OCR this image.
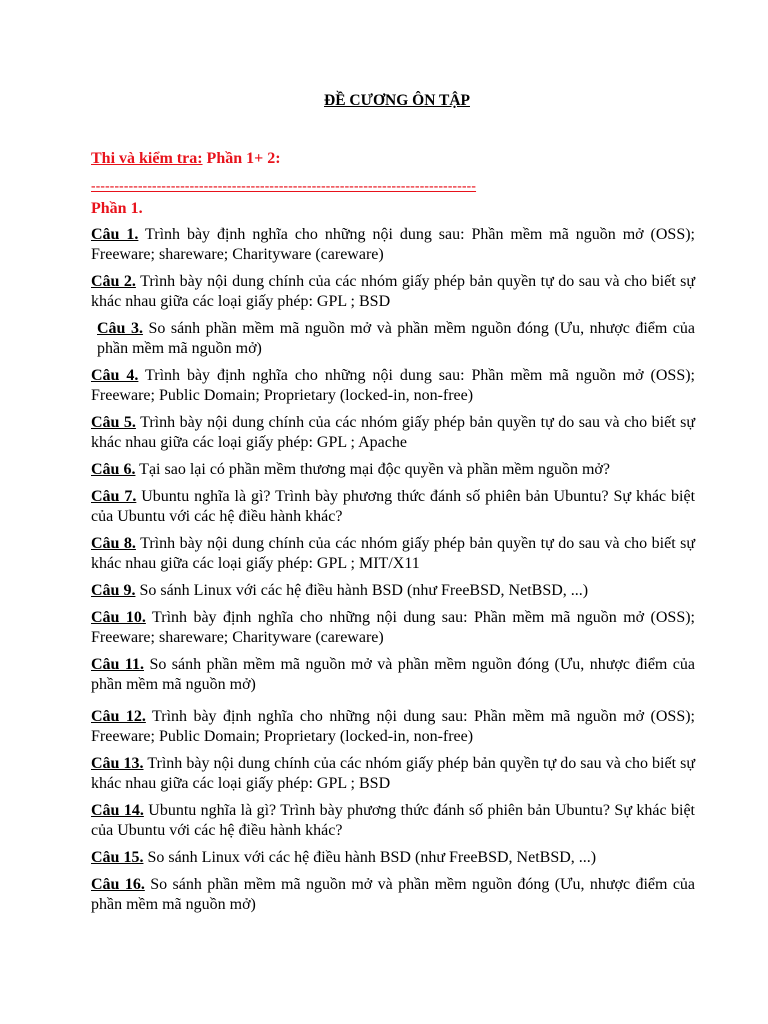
ĐỀ CƯƠNG ÔN TẬP
Thi và kiểm tra: Phần 1+ 2:
----------------------------------------------------------------------------------
Phần 1.

Câu 1. Trình bày định nghĩa cho những nội dung sau: Phần mềm mã nguồn mở (OSS); Freeware; shareware; Charityware (careware)

Câu 2. Trình bày nội dung chính của các nhóm giấy phép bản quyền tự do sau và cho biết sự khác nhau giữa các loại giấy phép: GPL ; BSD

Câu 3. So sánh phần mềm mã nguồn mở và phần mềm nguồn đóng (Ưu, nhược điểm của phần mềm mã nguồn mở)

Câu 4. Trình bày định nghĩa cho những nội dung sau: Phần mềm mã nguồn mở (OSS); Freeware; Public Domain; Proprietary (locked-in, non-free)

Câu 5. Trình bày nội dung chính của các nhóm giấy phép bản quyền tự do sau và cho biết sự khác nhau giữa các loại giấy phép: GPL ; Apache

Câu 6. Tại sao lại có phần mềm thương mại độc quyền và phần mềm nguồn mở?

Câu 7. Ubuntu nghĩa là gì? Trình bày phương thức đánh số phiên bản Ubuntu? Sự khác biệt của Ubuntu với các hệ điều hành khác?

Câu 8. Trình bày nội dung chính của các nhóm giấy phép bản quyền tự do sau và cho biết sự khác nhau giữa các loại giấy phép: GPL ; MIT/X11

Câu 9. So sánh Linux với các hệ điều hành BSD (như FreeBSD, NetBSD, ...)

Câu 10. Trình bày định nghĩa cho những nội dung sau: Phần mềm mã nguồn mở (OSS); Freeware; shareware; Charityware (careware)

Câu 11. So sánh phần mềm mã nguồn mở và phần mềm nguồn đóng (Ưu, nhược điểm của phần mềm mã nguồn mở)

Câu 12. Trình bày định nghĩa cho những nội dung sau: Phần mềm mã nguồn mở (OSS); Freeware; Public Domain; Proprietary (locked-in, non-free)

Câu 13. Trình bày nội dung chính của các nhóm giấy phép bản quyền tự do sau và cho biết sự khác nhau giữa các loại giấy phép: GPL ; BSD

Câu 14. Ubuntu nghĩa là gì? Trình bày phương thức đánh số phiên bản Ubuntu? Sự khác biệt của Ubuntu với các hệ điều hành khác?

Câu 15. So sánh Linux với các hệ điều hành BSD (như FreeBSD, NetBSD, ...)

Câu 16. So sánh phần mềm mã nguồn mở và phần mềm nguồn đóng (Ưu, nhược điểm của phần mềm mã nguồn mở)
